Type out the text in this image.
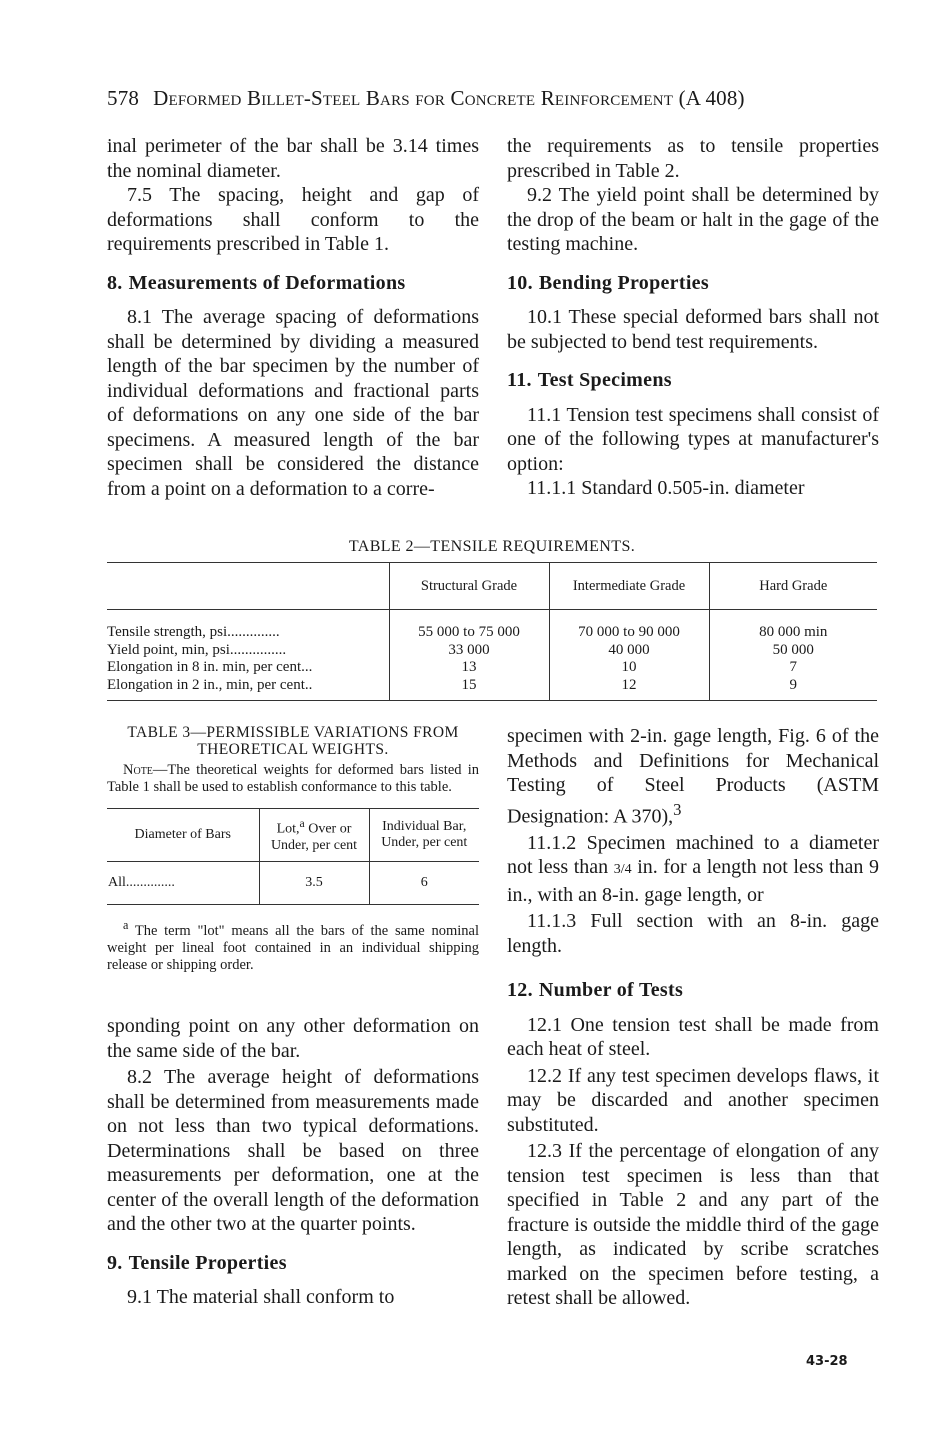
578 Deformed Billet-Steel Bars for Concrete Reinforcement (A 408)

inal perimeter of the bar shall be 3.14 times the nominal diameter.

7.5 The spacing, height and gap of deformations shall conform to the requirements prescribed in Table 1.

8. Measurements of Deformations

8.1 The average spacing of deformations shall be determined by dividing a measured length of the bar specimen by the number of individual deformations and fractional parts of deformations on any one side of the bar specimens. A measured length of the bar specimen shall be considered the distance from a point on a deformation to a corre-

the requirements as to tensile properties prescribed in Table 2.

9.2 The yield point shall be determined by the drop of the beam or halt in the gage of the testing machine.

10. Bending Properties

10.1 These special deformed bars shall not be subjected to bend test requirements.

11. Test Specimens

11.1 Tension test specimens shall consist of one of the following types at manufacturer's option:

11.1.1 Standard 0.505-in. diameter

TABLE 2—TENSILE REQUIREMENTS.
	Structural Grade	Intermediate Grade	Hard Grade
Tensile strength, psi..............	55 000 to 75 000	70 000 to 90 000	80 000 min
Yield point, min, psi...............	33 000	40 000	50 000
Elongation in 8 in. min, per cent...	13	10	7
Elongation in 2 in., min, per cent..	15	12	9
TABLE 3—PERMISSIBLE VARIATIONS FROM THEORETICAL WEIGHTS.

Note—The theoretical weights for deformed bars listed in Table 1 shall be used to establish conformance to this table.

Diameter of Bars	Lot,$^a$ Over or Under, per cent	Individual Bar, Under, per cent
All..............	3.5	6

$^a$ The term "lot" means all the bars of the same nominal weight per lineal foot contained in an individual shipping release or shipping order.

sponding point on any other deformation on the same side of the bar.

8.2 The average height of deformations shall be determined from measurements made on not less than two typical deformations. Determinations shall be based on three measurements per deformation, one at the center of the overall length of the deformation and the other two at the quarter points.

9. Tensile Properties

9.1 The material shall conform to

specimen with 2-in. gage length, Fig. 6 of the Methods and Definitions for Mechanical Testing of Steel Products (ASTM Designation: A 370),$^3$

11.1.2 Specimen machined to a diameter not less than 3/4 in. for a length not less than 9 in., with an 8-in. gage length, or

11.1.3 Full section with an 8-in. gage length.

12. Number of Tests

12.1 One tension test shall be made from each heat of steel.

12.2 If any test specimen develops flaws, it may be discarded and another specimen substituted.

12.3 If the percentage of elongation of any tension test specimen is less than that specified in Table 2 and any part of the fracture is outside the middle third of the gage length, as indicated by scribe scratches marked on the specimen before testing, a retest shall be allowed.

43-28
